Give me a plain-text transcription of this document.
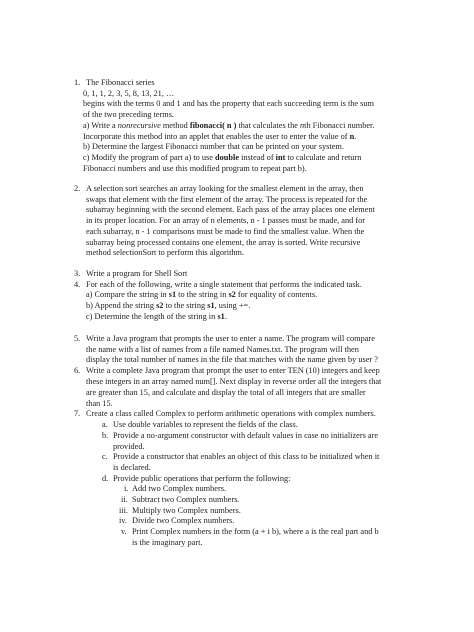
1. The Fibonacci series
0, 1, 1, 2, 3, 5, 8, 13, 21, …
begins with the terms 0 and 1 and has the property that each succeeding term is the sum
of the two preceding terms.
a) Write a nonrecursive method fibonacci( n ) that calculates the nth Fibonacci number.
Incorporate this method into an applet that enables the user to enter the value of n.
b) Determine the largest Fibonacci number that can be printed on your system.
c) Modify the program of part a) to use double instead of int to calculate and return
Fibonacci numbers and use this modified program to repeat part b).
2. A selection sort searches an array looking for the smallest element in the array, then
swaps that element with the first element of the array. The process is repeated for the
subarray beginning with the second element. Each pass of the array places one element
in its proper location. For an array of n elements, n - 1 passes must be made, and for
each subarray, n - 1 comparisons must be made to find the smallest value. When the
subarray being processed contains one element, the array is sorted. Write recursive
method selectionSort to perform this algorithm.
3. Write a program for Shell Sort
4. For each of the following, write a single statement that performs the indicated task.
a) Compare the string in s1 to the string in s2 for equality of contents.
b) Append the string s2 to the string s1, using +=.
c) Determine the length of the string in s1.
5. Write a Java program that prompts the user to enter a name. The program will compare
the name with a list of names from a file named Names.txt. The program will then
display the total number of names in the file that matches with the name given by user ?
6. Write a complete Java program that prompt the user to enter TEN (10) integers and keep
these integers in an array named num[]. Next display in reverse order all the integers that
are greater than 15, and calculate and display the total of all integers that are smaller
than 15.
7. Create a class called Complex to perform arithmetic operations with complex numbers.
a. Use double variables to represent the fields of the class.
b. Provide a no-argument constructor with default values in case no initializers are
provided.
c. Provide a constructor that enables an object of this class to be initialized when it
is declared.
d. Provide public operations that perform the following:
i. Add two Complex numbers.
ii. Subtract two Complex numbers.
iii. Multiply two Complex numbers.
iv. Divide two Complex numbers.
v. Print Complex numbers in the form (a + i b), where a is the real part and b
is the imaginary part.
